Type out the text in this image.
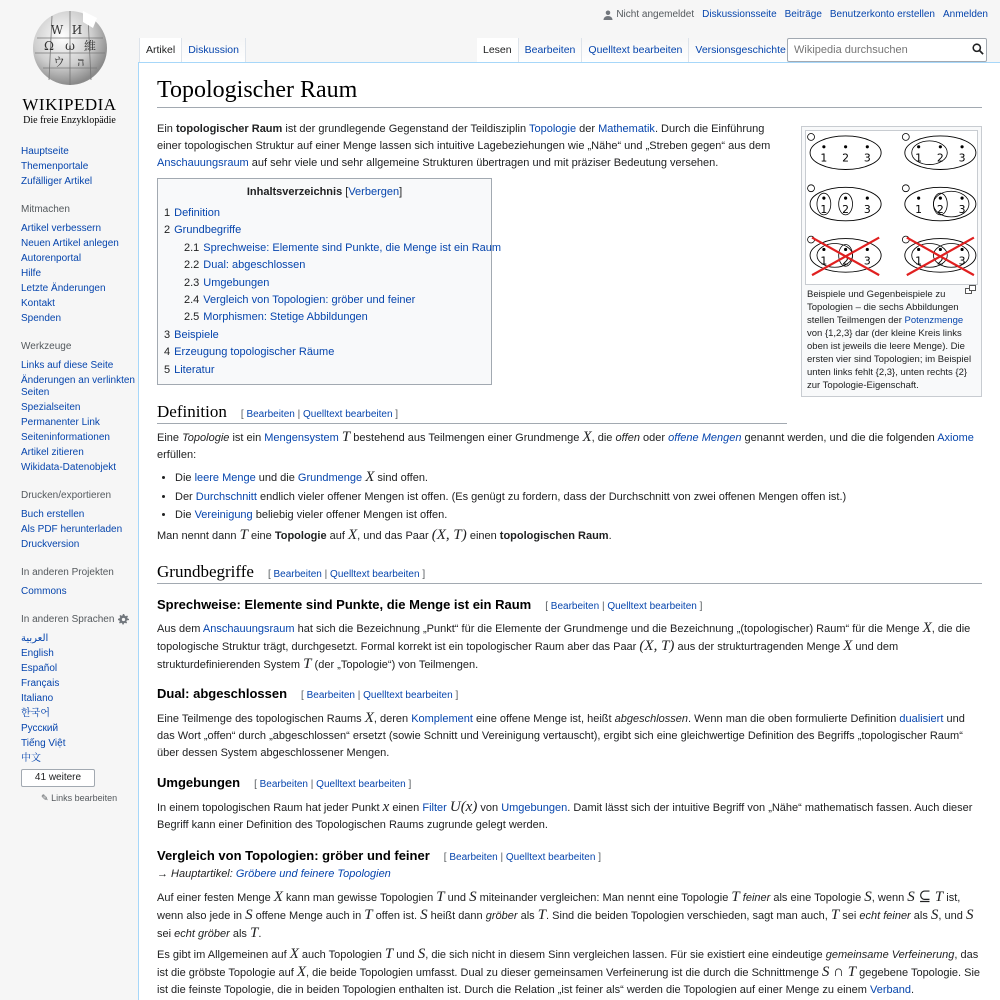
W И
Ω ω 維
ウ ה
WIKIPEDIA
Die freie Enzyklopädie
Hauptseite
Themenportale
Zufälliger Artikel
Mitmachen
Artikel verbessern
Neuen Artikel anlegen
Autorenportal
Hilfe
Letzte Änderungen
Kontakt
Spenden
Werkzeuge
Links auf diese Seite
Änderungen an verlinkten Seiten
Spezialseiten
Permanenter Link
Seiteninformationen
Artikel zitieren
Wikidata-Datenobjekt
Drucken/exportieren
Buch erstellen
Als PDF herunterladen
Druckversion
In anderen Projekten
Commons
In anderen Sprachen
العربية
English
Español
Français
Italiano
한국어
Русский
Tiếng Việt
中文
41 weitere
✎ Links bearbeiten
Nicht angemeldet Diskussionsseite Beiträge Benutzerkonto erstellen Anmelden
Artikel	Diskussion	Lesen	Bearbeiten	Quelltext bearbeiten	Versionsgeschichte
Wikipedia durchsuchen
Topologischer Raum

Ein topologischer Raum ist der grundlegende Gegenstand der Teildisziplin Topologie der Mathematik. Durch die Einführung einer topologischen Struktur auf einer Menge lassen sich intuitive Lagebeziehungen wie „Nähe“ und „Streben gegen“ aus dem Anschauungsraum auf sehr viele und sehr allgemeine Strukturen übertragen und mit präziser Bedeutung versehen.

Inhaltsverzeichnis [Verbergen]
1 Definition
2 Grundbegriffe
2.1 Sprechweise: Elemente sind Punkte, die Menge ist ein Raum
2.2 Dual: abgeschlossen
2.3 Umgebungen
2.4 Vergleich von Topologien: gröber und feiner
2.5 Morphismen: Stetige Abbildungen
3 Beispiele
4 Erzeugung topologischer Räume
5 Literatur
1 2 3	1 2 3
1 2 3	1 2 3
1 2 3	1 2 3
Beispiele und Gegenbeispiele zu Topologien – die sechs Abbildungen stellen Teilmengen der Potenzmenge von {1,2,3} dar (der kleine Kreis links oben ist jeweils die leere Menge). Die ersten vier sind Topologien; im Beispiel unten links fehlt {2,3}, unten rechts {2} zur Topologie-Eigenschaft.
Definition [ Bearbeiten | Quelltext bearbeiten ]

Eine Topologie ist ein Mengensystem T bestehend aus Teilmengen einer Grundmenge X, die offen oder offene Mengen genannt werden, und die die folgenden Axiome erfüllen:

• Die leere Menge und die Grundmenge X sind offen.
• Der Durchschnitt endlich vieler offener Mengen ist offen. (Es genügt zu fordern, dass der Durchschnitt von zwei offenen Mengen offen ist.)
• Die Vereinigung beliebig vieler offener Mengen ist offen.

Man nennt dann T eine Topologie auf X, und das Paar (X, T) einen topologischen Raum.

Grundbegriffe [ Bearbeiten | Quelltext bearbeiten ]
Sprechweise: Elemente sind Punkte, die Menge ist ein Raum [ Bearbeiten | Quelltext bearbeiten ]

Aus dem Anschauungsraum hat sich die Bezeichnung „Punkt“ für die Elemente der Grundmenge und die Bezeichnung „(topologischer) Raum“ für die Menge X, die die topologische Struktur trägt, durchgesetzt. Formal korrekt ist ein topologischer Raum aber das Paar (X, T) aus der strukturtragenden Menge X und dem strukturdefinierenden System T (der „Topologie“) von Teilmengen.

Dual: abgeschlossen [ Bearbeiten | Quelltext bearbeiten ]

Eine Teilmenge des topologischen Raums X, deren Komplement eine offene Menge ist, heißt abgeschlossen. Wenn man die oben formulierte Definition dualisiert und das Wort „offen“ durch „abgeschlossen“ ersetzt (sowie Schnitt und Vereinigung vertauscht), ergibt sich eine gleichwertige Definition des Begriffs „topologischer Raum“ über dessen System abgeschlossener Mengen.

Umgebungen [ Bearbeiten | Quelltext bearbeiten ]

In einem topologischen Raum hat jeder Punkt x einen Filter U(x) von Umgebungen. Damit lässt sich der intuitive Begriff von „Nähe“ mathematisch fassen. Auch dieser Begriff kann einer Definition des Topologischen Raums zugrunde gelegt werden.

Vergleich von Topologien: gröber und feiner [ Bearbeiten | Quelltext bearbeiten ]

→ Hauptartikel: Gröbere und feinere Topologien

Auf einer festen Menge X kann man gewisse Topologien T und S miteinander vergleichen: Man nennt eine Topologie T feiner als eine Topologie S, wenn S ⊆ T ist, wenn also jede in S offene Menge auch in T offen ist. S heißt dann gröber als T. Sind die beiden Topologien verschieden, sagt man auch, T sei echt feiner als S, und S sei echt gröber als T.

Es gibt im Allgemeinen auf X auch Topologien T und S, die sich nicht in diesem Sinn vergleichen lassen. Für sie existiert eine eindeutige gemeinsame Verfeinerung, das ist die gröbste Topologie auf X, die beide Topologien umfasst. Dual zu dieser gemeinsamen Verfeinerung ist die durch die Schnittmenge S ∩ T gegebene Topologie. Sie ist die feinste Topologie, die in beiden Topologien enthalten ist. Durch die Relation „ist feiner als“ werden die Topologien auf einer Menge zu einem Verband.
